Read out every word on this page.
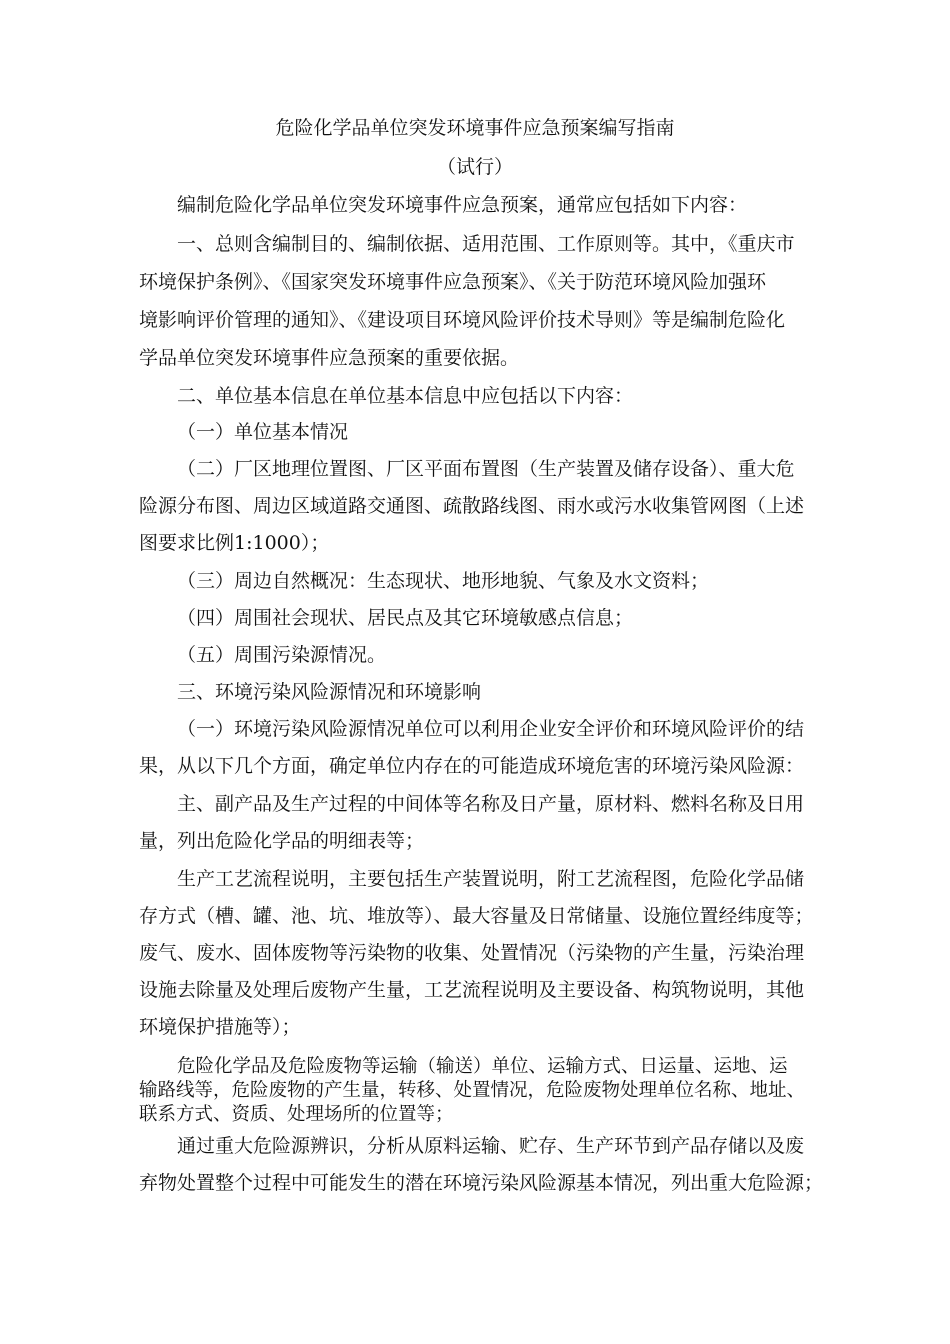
危险化学品单位突发环境事件应急预案编写指南
（试行）
编制危险化学品单位突发环境事件应急预案，通常应包括如下内容：
一、总则含编制目的、编制依据、适用范围、工作原则等。其中，《重庆市
环境保护条例》、《国家突发环境事件应急预案》、《关于防范环境风险加强环
境影响评价管理的通知》、《建设项目环境风险评价技术导则》等是编制危险化
学品单位突发环境事件应急预案的重要依据。
二、单位基本信息在单位基本信息中应包括以下内容：
（一）单位基本情况
（二）厂区地理位置图、厂区平面布置图（生产装置及储存设备）、重大危
险源分布图、周边区域道路交通图、疏散路线图、雨水或污水收集管网图（上述
图要求比例1:1000）；
（三）周边自然概况：生态现状、地形地貌、气象及水文资料；
（四）周围社会现状、居民点及其它环境敏感点信息；
（五）周围污染源情况。
三、环境污染风险源情况和环境影响
（一）环境污染风险源情况单位可以利用企业安全评价和环境风险评价的结
果，从以下几个方面，确定单位内存在的可能造成环境危害的环境污染风险源：
主、副产品及生产过程的中间体等名称及日产量，原材料、燃料名称及日用
量，列出危险化学品的明细表等；
生产工艺流程说明，主要包括生产装置说明，附工艺流程图，危险化学品储
存方式（槽、罐、池、坑、堆放等）、最大容量及日常储量、设施位置经纬度等；
废气、废水、固体废物等污染物的收集、处置情况（污染物的产生量，污染治理
设施去除量及处理后废物产生量，工艺流程说明及主要设备、构筑物说明，其他
环境保护措施等）；
危险化学品及危险废物等运输（输送）单位、运输方式、日运量、运地、运
输路线等，危险废物的产生量，转移、处置情况，危险废物处理单位名称、地址、
联系方式、资质、处理场所的位置等；
通过重大危险源辨识，分析从原料运输、贮存、生产环节到产品存储以及废
弃物处置整个过程中可能发生的潜在环境污染风险源基本情况，列出重大危险源；
